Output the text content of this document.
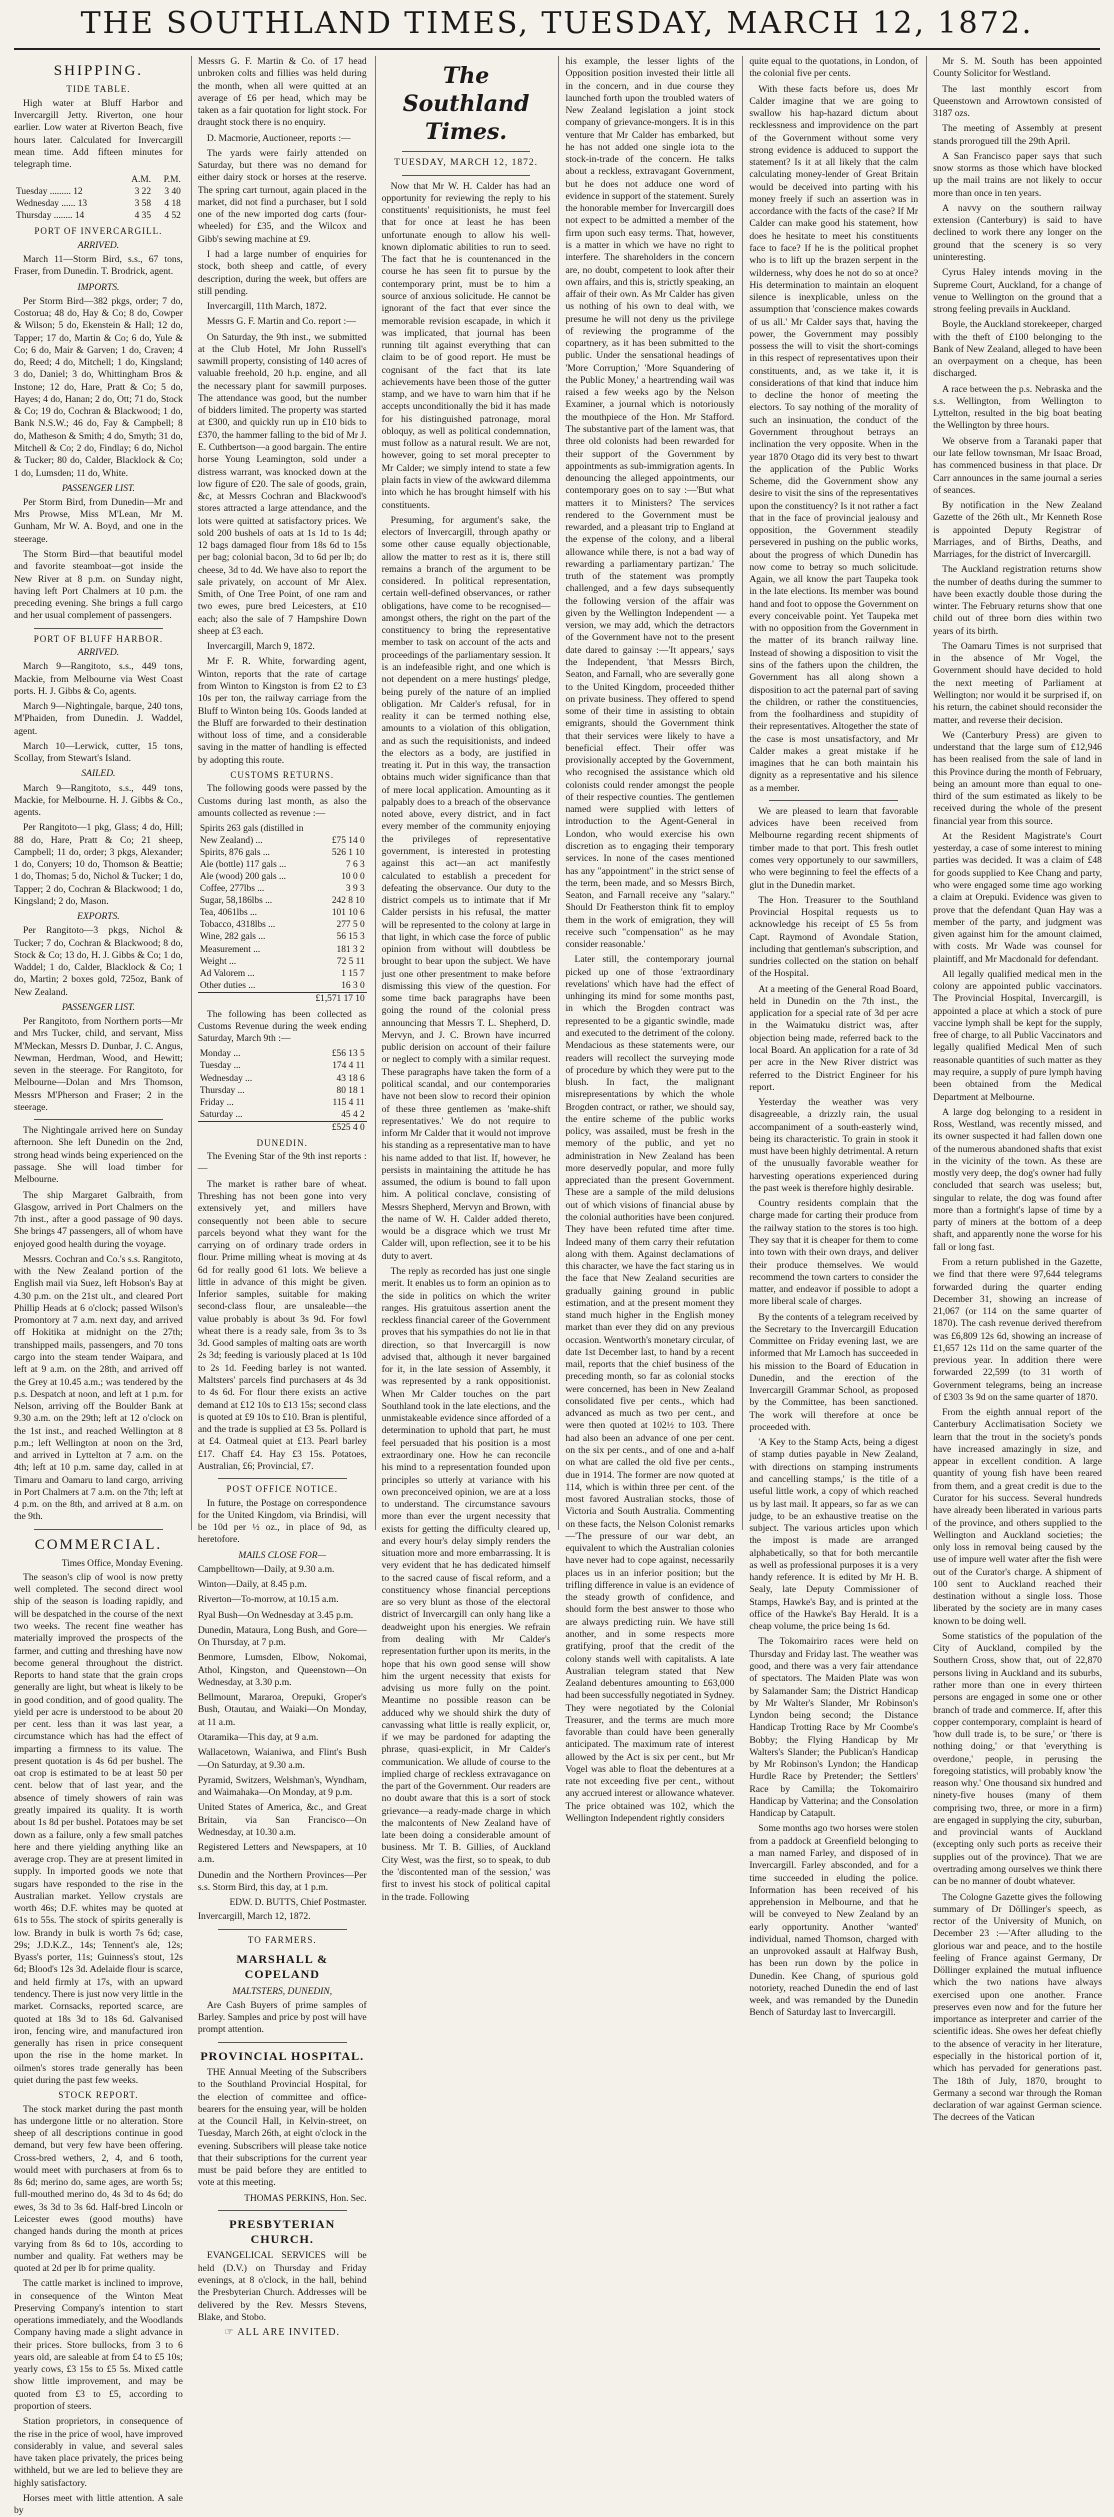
THE SOUTHLAND TIMES, TUESDAY, MARCH 12, 1872.
SHIPPING.
TIDE TABLE.

High water at Bluff Harbor and Invercargill Jetty. Riverton, one hour earlier. Low water at Riverton Beach, five hours later. Calculated for Invercargill mean time. Add fifteen minutes for telegraph time.

	A.M.	P.M.
Tuesday ......... 12	3 22	3 40
Wednesday ...... 13	3 58	4 18
Thursday ........ 14	4 35	4 52
PORT OF INVERCARGILL.
ARRIVED.

March 11—Storm Bird, s.s., 67 tons, Fraser, from Dunedin. T. Brodrick, agent.

IMPORTS.

Per Storm Bird—382 pkgs, order; 7 do, Costorua; 48 do, Hay & Co; 8 do, Cowper & Wilson; 5 do, Ekenstein & Hall; 12 do, Tapper; 17 do, Martin & Co; 6 do, Yule & Co; 6 do, Mair & Garven; 1 do, Craven; 4 do, Reed; 4 do, Mitchell; 1 do, Kingsland; 3 do, Daniel; 3 do, Whittingham Bros & Instone; 12 do, Hare, Pratt & Co; 5 do, Hayes; 4 do, Hanan; 2 do, Ott; 71 do, Stock & Co; 19 do, Cochran & Blackwood; 1 do, Bank N.S.W.; 46 do, Fay & Campbell; 8 do, Matheson & Smith; 4 do, Smyth; 31 do, Mitchell & Co; 2 do, Findlay; 6 do, Nichol & Tucker; 80 do, Calder, Blacklock & Co; 1 do, Lumsden; 11 do, White.

PASSENGER LIST.

Per Storm Bird, from Dunedin—Mr and Mrs Prowse, Miss M'Lean, Mr M. Gunham, Mr W. A. Boyd, and one in the steerage.

The Storm Bird—that beautiful model and favorite steamboat—got inside the New River at 8 p.m. on Sunday night, having left Port Chalmers at 10 p.m. the preceding evening. She brings a full cargo and her usual complement of passengers.

PORT OF BLUFF HARBOR.
ARRIVED.

March 9—Rangitoto, s.s., 449 tons, Mackie, from Melbourne via West Coast ports. H. J. Gibbs & Co, agents.

March 9—Nightingale, barque, 240 tons, M'Phaiden, from Dunedin. J. Waddel, agent.

March 10—Lerwick, cutter, 15 tons, Scollay, from Stewart's Island.

SAILED.

March 9—Rangitoto, s.s., 449 tons, Mackie, for Melbourne. H. J. Gibbs & Co., agents.

Per Rangitoto—1 pkg, Glass; 4 do, Hill; 88 do, Hare, Pratt & Co; 21 sheep, Campbell; 11 do, order; 3 pkgs, Alexander; 1 do, Conyers; 10 do, Thomson & Beattie; 1 do, Thomas; 5 do, Nichol & Tucker; 1 do, Tapper; 2 do, Cochran & Blackwood; 1 do, Kingsland; 2 do, Mason.

EXPORTS.

Per Rangitoto—3 pkgs, Nichol & Tucker; 7 do, Cochran & Blackwood; 8 do, Stock & Co; 13 do, H. J. Gibbs & Co; 1 do, Waddel; 1 do, Calder, Blacklock & Co; 1 do, Martin; 2 boxes gold, 725oz, Bank of New Zealand.

PASSENGER LIST.

Per Rangitoto, from Northern ports—Mr and Mrs Tucker, child, and servant, Miss M'Meckan, Messrs D. Dunbar, J. C. Angus, Newman, Herdman, Wood, and Hewitt; seven in the steerage. For Rangitoto, for Melbourne—Dolan and Mrs Thomson, Messrs M'Pherson and Fraser; 2 in the steerage.

The Nightingale arrived here on Sunday afternoon. She left Dunedin on the 2nd, strong head winds being experienced on the passage. She will load timber for Melbourne.

The ship Margaret Galbraith, from Glasgow, arrived in Port Chalmers on the 7th inst., after a good passage of 90 days. She brings 47 passengers, all of whom have enjoyed good health during the voyage.

Messrs. Cochran and Co.'s s.s. Rangitoto, with the New Zealand portion of the English mail via Suez, left Hobson's Bay at 4.30 p.m. on the 21st ult., and cleared Port Phillip Heads at 6 o'clock; passed Wilson's Promontory at 7 a.m. next day, and arrived off Hokitika at midnight on the 27th; transhipped mails, passengers, and 70 tons cargo into the steam tender Waipara, and left at 9 a.m. on the 28th, and arrived off the Grey at 10.45 a.m.; was tendered by the p.s. Despatch at noon, and left at 1 p.m. for Nelson, arriving off the Boulder Bank at 9.30 a.m. on the 29th; left at 12 o'clock on the 1st inst., and reached Wellington at 8 p.m.; left Wellington at noon on the 3rd, and arrived in Lyttelton at 7 a.m. on the 4th; left at 10 p.m. same day, called in at Timaru and Oamaru to land cargo, arriving in Port Chalmers at 7 a.m. on the 7th; left at 4 p.m. on the 8th, and arrived at 8 a.m. on the 9th.

COMMERCIAL.
Times Office, Monday Evening.

The season's clip of wool is now pretty well completed. The second direct wool ship of the season is loading rapidly, and will be despatched in the course of the next two weeks. The recent fine weather has materially improved the prospects of the farmer, and cutting and threshing have now become general throughout the district. Reports to hand state that the grain crops generally are light, but wheat is likely to be in good condition, and of good quality. The yield per acre is understood to be about 20 per cent. less than it was last year, a circumstance which has had the effect of imparting a firmness to its value. The present quotation is 4s 6d per bushel. The oat crop is estimated to be at least 50 per cent. below that of last year, and the absence of timely showers of rain was greatly impaired its quality. It is worth about 1s 8d per bushel. Potatoes may be set down as a failure, only a few small patches here and there yielding anything like an average crop. They are at present limited in supply. In imported goods we note that sugars have responded to the rise in the Australian market. Yellow crystals are worth 46s; D.F. whites may be quoted at 61s to 55s. The stock of spirits generally is low. Brandy in bulk is worth 7s 6d; case, 29s; J.D.K.Z., 14s; Tennent's ale, 12s; Byass's porter, 11s; Guinness's stout, 12s 6d; Blood's 12s 3d. Adelaide flour is scarce, and held firmly at 17s, with an upward tendency. There is just now very little in the market. Cornsacks, reported scarce, are quoted at 18s 3d to 18s 6d. Galvanised iron, fencing wire, and manufactured iron generally has risen in price consequent upon the rise in the home market. In oilmen's stores trade generally has been quiet during the past few weeks.

STOCK REPORT.

The stock market during the past month has undergone little or no alteration. Store sheep of all descriptions continue in good demand, but very few have been offering. Cross-bred wethers, 2, 4, and 6 tooth, would meet with purchasers at from 6s to 8s 6d; merino do, same ages, are worth 5s; full-mouthed merino do, 4s 3d to 4s 6d; do ewes, 3s 3d to 3s 6d. Half-bred Lincoln or Leicester ewes (good mouths) have changed hands during the month at prices varying from 8s 6d to 10s, according to number and quality. Fat wethers may be quoted at 2d per lb for prime quality.

The cattle market is inclined to improve, in consequence of the Winton Meat Preserving Company's intention to start operations immediately, and the Woodlands Company having made a slight advance in their prices. Store bullocks, from 3 to 6 years old, are saleable at from £4 to £5 10s; yearly cows, £3 15s to £5 5s. Mixed cattle show little improvement, and may be quoted from £3 to £5, according to proportion of steers.

Station proprietors, in consequence of the rise in the price of wool, have improved considerably in value, and several sales have taken place privately, the prices being withheld, but we are led to believe they are highly satisfactory.

Horses meet with little attention. A sale by

Messrs G. F. Martin & Co. of 17 head unbroken colts and fillies was held during the month, when all were quitted at an average of £6 per head, which may be taken as a fair quotation for light stock. For draught stock there is no enquiry.

D. Macmorie, Auctioneer, reports :—

The yards were fairly attended on Saturday, but there was no demand for either dairy stock or horses at the reserve. The spring cart turnout, again placed in the market, did not find a purchaser, but I sold one of the new imported dog carts (four-wheeled) for £35, and the Wilcox and Gibb's sewing machine at £9.

I had a large number of enquiries for stock, both sheep and cattle, of every description, during the week, but offers are still pending.

Invercargill, 11th March, 1872.

Messrs G. F. Martin and Co. report :—

On Saturday, the 9th inst., we submitted at the Club Hotel, Mr John Russell's sawmill property, consisting of 140 acres of valuable freehold, 20 h.p. engine, and all the necessary plant for sawmill purposes. The attendance was good, but the number of bidders limited. The property was started at £300, and quickly run up in £10 bids to £370, the hammer falling to the bid of Mr J. E. Cuthbertson—a good bargain. The entire horse Young Leamington, sold under a distress warrant, was knocked down at the low figure of £20. The sale of goods, grain, &c, at Messrs Cochran and Blackwood's stores attracted a large attendance, and the lots were quitted at satisfactory prices. We sold 200 bushels of oats at 1s 1d to 1s 4d; 12 bags damaged flour from 18s 6d to 15s per bag; colonial bacon, 3d to 6d per lb; do cheese, 3d to 4d. We have also to report the sale privately, on account of Mr Alex. Smith, of One Tree Point, of one ram and two ewes, pure bred Leicesters, at £10 each; also the sale of 7 Hampshire Down sheep at £3 each.

Invercargill, March 9, 1872.

Mr F. R. White, forwarding agent, Winton, reports that the rate of cartage from Winton to Kingston is from £2 to £3 10s per ton, the railway carriage from the Bluff to Winton being 10s. Goods landed at the Bluff are forwarded to their destination without loss of time, and a considerable saving in the matter of handling is effected by adopting this route.

CUSTOMS RETURNS.

The following goods were passed by the Customs during last month, as also the amounts collected as revenue :—

Spirits 263 gals (distilled in	
New Zealand) ...	£75 14 0
Spirits, 876 gals ...	526 1 10
Ale (bottle) 117 gals ...	7 6 3
Ale (wood) 200 gals ...	10 0 0
Coffee, 277lbs ...	3 9 3
Sugar, 58,186lbs ...	242 8 10
Tea, 4061lbs ...	101 10 6
Tobacco, 4318lbs ...	277 5 0
Wine, 282 gals ...	56 15 3
Measurement ...	181 3 2
Weight ...	72 5 11
Ad Valorem ...	1 15 7
Other duties ...	16 3 0
	£1,571 17 10

The following has been collected as Customs Revenue during the week ending Saturday, March 9th :—

Monday ...	£56 13 5
Tuesday ...	174 4 11
Wednesday ...	43 18 6
Thursday ...	80 18 1
Friday ...	115 4 11
Saturday ...	45 4 2
	£525 4 0
DUNEDIN.

The Evening Star of the 9th inst reports :—

The market is rather bare of wheat. Threshing has not been gone into very extensively yet, and millers have consequently not been able to secure parcels beyond what they want for the carrying on of ordinary trade orders in flour. Prime milling wheat is moving at 4s 6d for really good 61 lots. We believe a little in advance of this might be given. Inferior samples, suitable for making second-class flour, are unsaleable—the value probably is about 3s 9d. For fowl wheat there is a ready sale, from 3s to 3s 3d. Good samples of malting oats are worth 2s 3d; feeding is variously placed at 1s 10d to 2s 1d. Feeding barley is not wanted. Maltsters' parcels find purchasers at 4s 3d to 4s 6d. For flour there exists an active demand at £12 10s to £13 15s; second class is quoted at £9 10s to £10. Bran is plentiful, and the trade is supplied at £3 5s. Pollard is at £4. Oatmeal quiet at £13. Pearl barley £17. Chaff £4. Hay £3 15s. Potatoes, Australian, £6; Provincial, £7.

POST OFFICE NOTICE.

In future, the Postage on correspondence for the United Kingdom, via Brindisi, will be 10d per ½ oz., in place of 9d, as heretofore.

MAILS CLOSE FOR—

Campbelltown—Daily, at 9.30 a.m.

Winton—Daily, at 8.45 p.m.

Riverton—To-morrow, at 10.15 a.m.

Ryal Bush—On Wednesday at 3.45 p.m.

Dunedin, Mataura, Long Bush, and Gore—On Thursday, at 7 p.m.

Benmore, Lumsden, Elbow, Nokomai, Athol, Kingston, and Queenstown—On Wednesday, at 3.30 p.m.

Bellmount, Mararoa, Orepuki, Groper's Bush, Otautau, and Waiaki—On Monday, at 11 a.m.

Otaramika—This day, at 9 a.m.

Wallacetown, Waianiwa, and Flint's Bush—On Saturday, at 9.30 a.m.

Pyramid, Switzers, Welshman's, Wyndham, and Waimahaka—On Monday, at 9 p.m.

United States of America, &c., and Great Britain, via San Francisco—On Wednesday, at 10.30 a.m.

Registered Letters and Newspapers, at 10 a.m.

Dunedin and the Northern Provinces—Per s.s. Storm Bird, this day, at 1 p.m.

EDW. D. BUTTS, Chief Postmaster.

Invercargill, March 12, 1872.

TO FARMERS.
MARSHALL & COPELAND
MALTSTERS, DUNEDIN,

Are Cash Buyers of prime samples of Barley. Samples and price by post will have prompt attention.

PROVINCIAL HOSPITAL.

THE Annual Meeting of the Subscribers to the Southland Provincial Hospital, for the election of committee and office-bearers for the ensuing year, will be holden at the Council Hall, in Kelvin-street, on Tuesday, March 26th, at eight o'clock in the evening. Subscribers will please take notice that their subscriptions for the current year must be paid before they are entitled to vote at this meeting.

THOMAS PERKINS, Hon. Sec.
PRESBYTERIAN CHURCH.

EVANGELICAL SERVICES will be held (D.V.) on Thursday and Friday evenings, at 8 o'clock, in the hall, behind the Presbyterian Church. Addresses will be delivered by the Rev. Messrs Stevens, Blake, and Stobo.

☞ ALL ARE INVITED.
The Southland Times.
TUESDAY, MARCH 12, 1872.

Now that Mr W. H. Calder has had an opportunity for reviewing the reply to his constituents' requisitionists, he must feel that for once at least he has been unfortunate enough to allow his well-known diplomatic abilities to run to seed. The fact that he is countenanced in the course he has seen fit to pursue by the contemporary print, must be to him a source of anxious solicitude. He cannot be ignorant of the fact that ever since the memorable revision escapade, in which it was implicated, that journal has been running tilt against everything that can claim to be of good report. He must be cognisant of the fact that its late achievements have been those of the gutter stamp, and we have to warn him that if he accepts unconditionally the bid it has made for his distinguished patronage, moral obloquy, as well as political condemnation, must follow as a natural result. We are not, however, going to set moral precepter to Mr Calder; we simply intend to state a few plain facts in view of the awkward dilemma into which he has brought himself with his constituents.

Presuming, for argument's sake, the electors of Invercargill, through apathy or some other cause equally objectionable, allow the matter to rest as it is, there still remains a branch of the argument to be considered. In political representation, certain well-defined observances, or rather obligations, have come to be recognised—amongst others, the right on the part of the constituency to bring the representative member to task on account of the acts and proceedings of the parliamentary session. It is an indefeasible right, and one which is not dependent on a mere hustings' pledge, being purely of the nature of an implied obligation. Mr Calder's refusal, for in reality it can be termed nothing else, amounts to a violation of this obligation, and as such the requisitionists, and indeed the electors as a body, are justified in treating it. Put in this way, the transaction obtains much wider significance than that of mere local application. Amounting as it palpably does to a breach of the observance noted above, every district, and in fact every member of the community enjoying the privileges of representative government, is interested in protesting against this act—an act manifestly calculated to establish a precedent for defeating the observance. Our duty to the district compels us to intimate that if Mr Calder persists in his refusal, the matter will be represented to the colony at large in that light, in which case the force of public opinion from without will doubtless be brought to bear upon the subject. We have just one other presentment to make before dismissing this view of the question. For some time back paragraphs have been going the round of the colonial press announcing that Messrs T. L. Shepherd, D. Mervyn, and J. C. Brown have incurred public derision on account of their failure or neglect to comply with a similar request. These paragraphs have taken the form of a political scandal, and our contemporaries have not been slow to record their opinion of these three gentlemen as 'make-shift representatives.' We do not require to inform Mr Calder that it would not improve his standing as a representative man to have his name added to that list. If, however, he persists in maintaining the attitude he has assumed, the odium is bound to fall upon him. A political conclave, consisting of Messrs Shepherd, Mervyn and Brown, with the name of W. H. Calder added thereto, would be a disgrace which we trust Mr Calder will, upon reflection, see it to be his duty to avert.

The reply as recorded has just one single merit. It enables us to form an opinion as to the side in politics on which the writer ranges. His gratuitous assertion anent the reckless financial career of the Government proves that his sympathies do not lie in that direction, so that Invercargill is now advised that, although it never bargained for it, in the late session of Assembly, it was represented by a rank oppositionist. When Mr Calder touches on the part Southland took in the late elections, and the unmistakeable evidence since afforded of a determination to uphold that part, he must feel persuaded that his position is a most extraordinary one. How he can reconcile his mind to a representation founded upon principles so utterly at variance with his own preconceived opinion, we are at a loss to understand. The circumstance savours more than ever the urgent necessity that exists for getting the difficulty cleared up, and every hour's delay simply renders the situation more and more embarrassing. It is very evident that he has dedicated himself to the sacred cause of fiscal reform, and a constituency whose financial perceptions are so very blunt as those of the electoral district of Invercargill can only hang like a deadweight upon his energies. We refrain from dealing with Mr Calder's representation further upon its merits, in the hope that his own good sense will show him the urgent necessity that exists for advising us more fully on the point. Meantime no possible reason can be adduced why we should shirk the duty of canvassing what little is really explicit, or, if we may be pardoned for adapting the phrase, quasi-explicit, in Mr Calder's communication. We allude of course to the implied charge of reckless extravagance on the part of the Government. Our readers are no doubt aware that this is a sort of stock grievance—a ready-made charge in which the malcontents of New Zealand have of late been doing a considerable amount of business. Mr T. B. Gillies, of Auckland City West, was the first, so to speak, to dub the 'discontented man of the session,' was first to invest his stock of political capital in the trade. Following

his example, the lesser lights of the Opposition position invested their little all in the concern, and in due course they launched forth upon the troubled waters of New Zealand legislation a joint stock company of grievance-mongers. It is in this venture that Mr Calder has embarked, but he has not added one single iota to the stock-in-trade of the concern. He talks about a reckless, extravagant Government, but he does not adduce one word of evidence in support of the statement. Surely the honorable member for Invercargill does not expect to be admitted a member of the firm upon such easy terms. That, however, is a matter in which we have no right to interfere. The shareholders in the concern are, no doubt, competent to look after their own affairs, and this is, strictly speaking, an affair of their own. As Mr Calder has given us nothing of his own to deal with, we presume he will not deny us the privilege of reviewing the programme of the copartnery, as it has been submitted to the public. Under the sensational headings of 'More Corruption,' 'More Squandering of the Public Money,' a heartrending wail was raised a few weeks ago by the Nelson Examiner, a journal which is notoriously the mouthpiece of the Hon. Mr Stafford. The substantive part of the lament was, that three old colonists had been rewarded for their support of the Government by appointments as sub-immigration agents. In denouncing the alleged appointments, our contemporary goes on to say :—'But what matters it to Ministers? The services rendered to the Government must be rewarded, and a pleasant trip to England at the expense of the colony, and a liberal allowance while there, is not a bad way of rewarding a parliamentary partizan.' The truth of the statement was promptly challenged, and a few days subsequently the following version of the affair was given by the Wellington Independent — a version, we may add, which the detractors of the Government have not to the present date dared to gainsay :—'It appears,' says the Independent, 'that Messrs Birch, Seaton, and Farnall, who are severally gone to the United Kingdom, proceeded thither on private business. They offered to spend some of their time in assisting to obtain emigrants, should the Government think that their services were likely to have a beneficial effect. Their offer was provisionally accepted by the Government, who recognised the assistance which old colonists could render amongst the people of their respective counties. The gentlemen named were supplied with letters of introduction to the Agent-General in London, who would exercise his own discretion as to engaging their temporary services. In none of the cases mentioned has any "appointment" in the strict sense of the term, been made, and so Messrs Birch, Seaton, and Farnall receive any "salary." Should Dr Featherston think fit to employ them in the work of emigration, they will receive such "compensation" as he may consider reasonable.'

Later still, the contemporary journal picked up one of those 'extraordinary revelations' which have had the effect of unhinging its mind for some months past, in which the Brogden contract was represented to be a gigantic swindle, made and executed to the detriment of the colony. Mendacious as these statements were, our readers will recollect the surveying mode of procedure by which they were put to the blush. In fact, the malignant misrepresentations by which the whole Brogden contract, or rather, we should say, the entire scheme of the public works policy, was assailed, must be fresh in the memory of the public, and yet no administration in New Zealand has been more deservedly popular, and more fully appreciated than the present Government. These are a sample of the mild delusions out of which visions of financial abuse by the colonial authorities have been conjured. They have been refuted time after time. Indeed many of them carry their refutation along with them. Against declamations of this character, we have the fact staring us in the face that New Zealand securities are gradually gaining ground in public estimation, and at the present moment they stand much higher in the English money market than ever they did on any previous occasion. Wentworth's monetary circular, of date 1st December last, to hand by a recent mail, reports that the chief business of the preceding month, so far as colonial stocks were concerned, has been in New Zealand consolidated five per cents., which had advanced as much as two per cent., and were then quoted at 102½ to 103. There had also been an advance of one per cent. on the six per cents., and of one and a-half on what are called the old five per cents., due in 1914. The former are now quoted at 114, which is within three per cent. of the most favored Australian stocks, those of Victoria and South Australia. Commenting on these facts, the Nelson Colonist remarks—'The pressure of our war debt, an equivalent to which the Australian colonies have never had to cope against, necessarily places us in an inferior position; but the trifling difference in value is an evidence of the steady growth of confidence, and should form the best answer to those who are always predicting ruin. We have still another, and in some respects more gratifying, proof that the credit of the colony stands well with capitalists. A late Australian telegram stated that New Zealand debentures amounting to £63,000 had been successfully negotiated in Sydney. They were negotiated by the Colonial Treasurer, and the terms are much more favorable than could have been generally anticipated. The maximum rate of interest allowed by the Act is six per cent., but Mr Vogel was able to float the debentures at a rate not exceeding five per cent., without any accrued interest or allowance whatever. The price obtained was 102, which the Wellington Independent rightly considers

quite equal to the quotations, in London, of the colonial five per cents.

With these facts before us, does Mr Calder imagine that we are going to swallow his hap-hazard dictum about recklessness and improvidence on the part of the Government without some very strong evidence is adduced to support the statement? Is it at all likely that the calm calculating money-lender of Great Britain would be deceived into parting with his money freely if such an assertion was in accordance with the facts of the case? If Mr Calder can make good his statement, how does he hesitate to meet his constituents face to face? If he is the political prophet who is to lift up the brazen serpent in the wilderness, why does he not do so at once? His determination to maintain an eloquent silence is inexplicable, unless on the assumption that 'conscience makes cowards of us all.' Mr Calder says that, having the power, the Government may possibly possess the will to visit the short-comings in this respect of representatives upon their constituents, and, as we take it, it is considerations of that kind that induce him to decline the honor of meeting the electors. To say nothing of the morality of such an insinuation, the conduct of the Government throughout betrays an inclination the very opposite. When in the year 1870 Otago did its very best to thwart the application of the Public Works Scheme, did the Government show any desire to visit the sins of the representatives upon the constituency? Is it not rather a fact that in the face of provincial jealousy and opposition, the Government steadily persevered in pushing on the public works, about the progress of which Dunedin has now come to betray so much solicitude. Again, we all know the part Taupeka took in the late elections. Its member was bound hand and foot to oppose the Government on every conceivable point. Yet Taupeka met with no opposition from the Government in the matter of its branch railway line. Instead of showing a disposition to visit the sins of the fathers upon the children, the Government has all along shown a disposition to act the paternal part of saving the children, or rather the constituencies, from the foolhardiness and stupidity of their representatives. Altogether the state of the case is most unsatisfactory, and Mr Calder makes a great mistake if he imagines that he can both maintain his dignity as a representative and his silence as a member.

We are pleased to learn that favorable advices have been received from Melbourne regarding recent shipments of timber made to that port. This fresh outlet comes very opportunely to our sawmillers, who were beginning to feel the effects of a glut in the Dunedin market.

The Hon. Treasurer to the Southland Provincial Hospital requests us to acknowledge his receipt of £5 5s from Capt. Raymond of Avondale Station, including that gentleman's subscription, and sundries collected on the station on behalf of the Hospital.

At a meeting of the General Road Board, held in Dunedin on the 7th inst., the application for a special rate of 3d per acre in the Waimatuku district was, after objection being made, referred back to the local Board. An application for a rate of 3d per acre in the New River district was referred to the District Engineer for his report.

Yesterday the weather was very disagreeable, a drizzly rain, the usual accompaniment of a south-easterly wind, being its characteristic. To grain in stook it must have been highly detrimental. A return of the unusually favorable weather for harvesting operations experienced during the past week is therefore highly desirable.

Country residents complain that the charge made for carting their produce from the railway station to the stores is too high. They say that it is cheaper for them to come into town with their own drays, and deliver their produce themselves. We would recommend the town carters to consider the matter, and endeavor if possible to adopt a more liberal scale of charges.

By the contents of a telegram received by the Secretary to the Invercargill Education Committee on Friday evening last, we are informed that Mr Lamoch has succeeded in his mission to the Board of Education in Dunedin, and the erection of the Invercargill Grammar School, as proposed by the Committee, has been sanctioned. The work will therefore at once be proceeded with.

'A Key to the Stamp Acts, being a digest of stamp duties payable in New Zealand, with directions on stamping instruments and cancelling stamps,' is the title of a useful little work, a copy of which reached us by last mail. It appears, so far as we can judge, to be an exhaustive treatise on the subject. The various articles upon which the impost is made are arranged alphabetically, so that for both mercantile as well as professional purposes it is a very handy reference. It is edited by Mr H. B. Sealy, late Deputy Commissioner of Stamps, Hawke's Bay, and is printed at the office of the Hawke's Bay Herald. It is a cheap volume, the price being 1s 6d.

The Tokomairiro races were held on Thursday and Friday last. The weather was good, and there was a very fair attendance of spectators. The Maiden Plate was won by Salamander Sam; the District Handicap by Mr Walter's Slander, Mr Robinson's Lyndon being second; the Distance Handicap Trotting Race by Mr Coombe's Bobby; the Flying Handicap by Mr Walters's Slander; the Publican's Handicap by Mr Robinson's Lyndon; the Handicap Hurdle Race by Pretender; the Settlers' Race by Camilla; the Tokomairiro Handicap by Vatterina; and the Consolation Handicap by Catapult.

Some months ago two horses were stolen from a paddock at Greenfield belonging to a man named Farley, and disposed of in Invercargill. Farley absconded, and for a time succeeded in eluding the police. Information has been received of his apprehension in Melbourne, and that he will be conveyed to New Zealand by an early opportunity. Another 'wanted' individual, named Thomson, charged with an unprovoked assault at Halfway Bush, has been run down by the police in Dunedin. Kee Chang, of spurious gold notoriety, reached Dunedin the end of last week, and was remanded by the Dunedin Bench of Saturday last to Invercargill.

Mr S. M. South has been appointed County Solicitor for Westland.

The last monthly escort from Queenstown and Arrowtown consisted of 3187 ozs.

The meeting of Assembly at present stands prorogued till the 29th April.

A San Francisco paper says that such snow storms as those which have blocked up the mail trains are not likely to occur more than once in ten years.

A navvy on the southern railway extension (Canterbury) is said to have declined to work there any longer on the ground that the scenery is so very uninteresting.

Cyrus Haley intends moving in the Supreme Court, Auckland, for a change of venue to Wellington on the ground that a strong feeling prevails in Auckland.

Boyle, the Auckland storekeeper, charged with the theft of £100 belonging to the Bank of New Zealand, alleged to have been an overpayment on a cheque, has been discharged.

A race between the p.s. Nebraska and the s.s. Wellington, from Wellington to Lyttelton, resulted in the big boat beating the Wellington by three hours.

We observe from a Taranaki paper that our late fellow townsman, Mr Isaac Broad, has commenced business in that place. Dr Carr announces in the same journal a series of seances.

By notification in the New Zealand Gazette of the 26th ult., Mr Kenneth Rose is appointed Deputy Registrar of Marriages, and of Births, Deaths, and Marriages, for the district of Invercargill.

The Auckland registration returns show the number of deaths during the summer to have been exactly double those during the winter. The February returns show that one child out of three born dies within two years of its birth.

The Oamaru Times is not surprised that in the absence of Mr Vogel, the Government should have decided to hold the next meeting of Parliament at Wellington; nor would it be surprised if, on his return, the cabinet should reconsider the matter, and reverse their decision.

We (Canterbury Press) are given to understand that the large sum of £12,946 has been realised from the sale of land in this Province during the month of February, being an amount more than equal to one-third of the sum estimated as likely to be received during the whole of the present financial year from this source.

At the Resident Magistrate's Court yesterday, a case of some interest to mining parties was decided. It was a claim of £48 for goods supplied to Kee Chang and party, who were engaged some time ago working a claim at Orepuki. Evidence was given to prove that the defendant Quan Hay was a member of the party, and judgment was given against him for the amount claimed, with costs. Mr Wade was counsel for plaintiff, and Mr Macdonald for defendant.

All legally qualified medical men in the colony are appointed public vaccinators. The Provincial Hospital, Invercargill, is appointed a place at which a stock of pure vaccine lymph shall be kept for the supply, free of charge, to all Public Vaccinators and legally qualified Medical Men of such reasonable quantities of such matter as they may require, a supply of pure lymph having been obtained from the Medical Department at Melbourne.

A large dog belonging to a resident in Ross, Westland, was recently missed, and its owner suspected it had fallen down one of the numerous abandoned shafts that exist in the vicinity of the town. As these are mostly very deep, the dog's owner had fully concluded that search was useless; but, singular to relate, the dog was found after more than a fortnight's lapse of time by a party of miners at the bottom of a deep shaft, and apparently none the worse for his fall or long fast.

From a return published in the Gazette, we find that there were 97,644 telegrams forwarded during the quarter ending December 31, showing an increase of 21,067 (or 114 on the same quarter of 1870). The cash revenue derived therefrom was £6,809 12s 6d, showing an increase of £1,657 12s 11d on the same quarter of the previous year. In addition there were forwarded 22,599 (to 31 worth of Government telegrams, being an increase of £303 3s 9d on the same quarter of 1870.

From the eighth annual report of the Canterbury Acclimatisation Society we learn that the trout in the society's ponds have increased amazingly in size, and appear in excellent condition. A large quantity of young fish have been reared from them, and a great credit is due to the Curator for his success. Several hundreds have already been liberated in various parts of the province, and others supplied to the Wellington and Auckland societies; the only loss in removal being caused by the use of impure well water after the fish were out of the Curator's charge. A shipment of 100 sent to Auckland reached their destination without a single loss. Those liberated by the society are in many cases known to be doing well.

Some statistics of the population of the City of Auckland, compiled by the Southern Cross, show that, out of 22,870 persons living in Auckland and its suburbs, rather more than one in every thirteen persons are engaged in some one or other branch of trade and commerce. If, after this copper contemporary, complaint is heard of 'how dull trade is, to be sure,' or 'there is nothing doing,' or that 'everything is overdone,' people, in perusing the foregoing statistics, will probably know 'the reason why.' One thousand six hundred and ninety-five houses (many of them comprising two, three, or more in a firm) are engaged in supplying the city, suburban, and provincial wants of Auckland (excepting only such ports as receive their supplies out of the province). That we are overtrading among ourselves we think there can be no manner of doubt whatever.

The Cologne Gazette gives the following summary of Dr Döllinger's speech, as rector of the University of Munich, on December 23 :—'After alluding to the glorious war and peace, and to the hostile feeling of France against Germany, Dr Döllinger explained the mutual influence which the two nations have always exercised upon one another. France preserves even now and for the future her importance as interpreter and carrier of the scientific ideas. She owes her defeat chiefly to the absence of veracity in her literature, especially in the historical portion of it, which has pervaded for generations past. The 18th of July, 1870, brought to Germany a second war through the Roman declaration of war against German science. The decrees of the Vatican
